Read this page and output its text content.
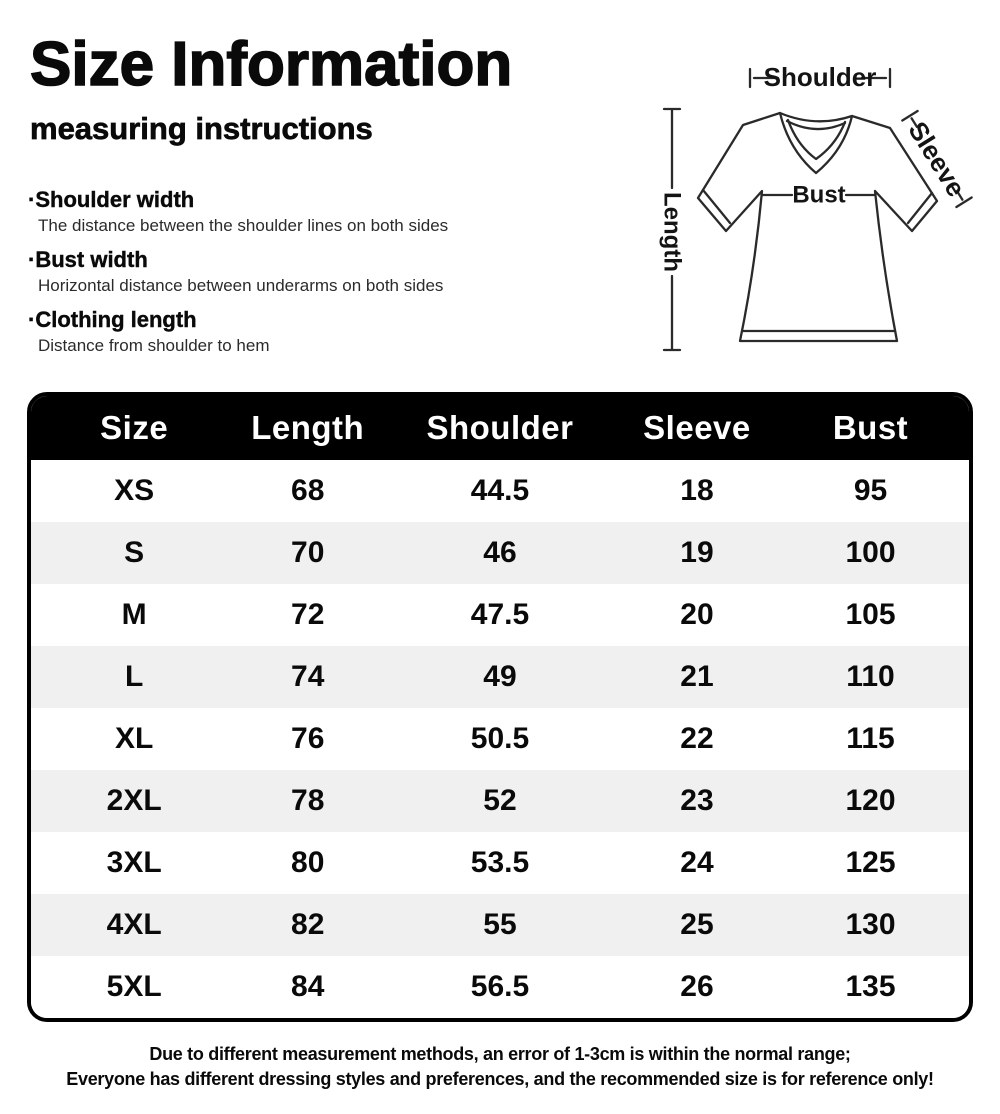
Size Information
measuring instructions
·Shoulder width
The distance between the shoulder lines on both sides
·Bust width
Horizontal distance between underarms on both sides
·Clothing length
Distance from shoulder to hem
Shoulder
Length
Sleeve
Bust
Size	Length	Shoulder	Sleeve	Bust
XS	68	44.5	18	95
S	70	46	19	100
M	72	47.5	20	105
L	74	49	21	110
XL	76	50.5	22	115
2XL	78	52	23	120
3XL	80	53.5	24	125
4XL	82	55	25	130
5XL	84	56.5	26	135
Due to different measurement methods, an error of 1-3cm is within the normal range;
Everyone has different dressing styles and preferences, and the recommended size is for reference only!
